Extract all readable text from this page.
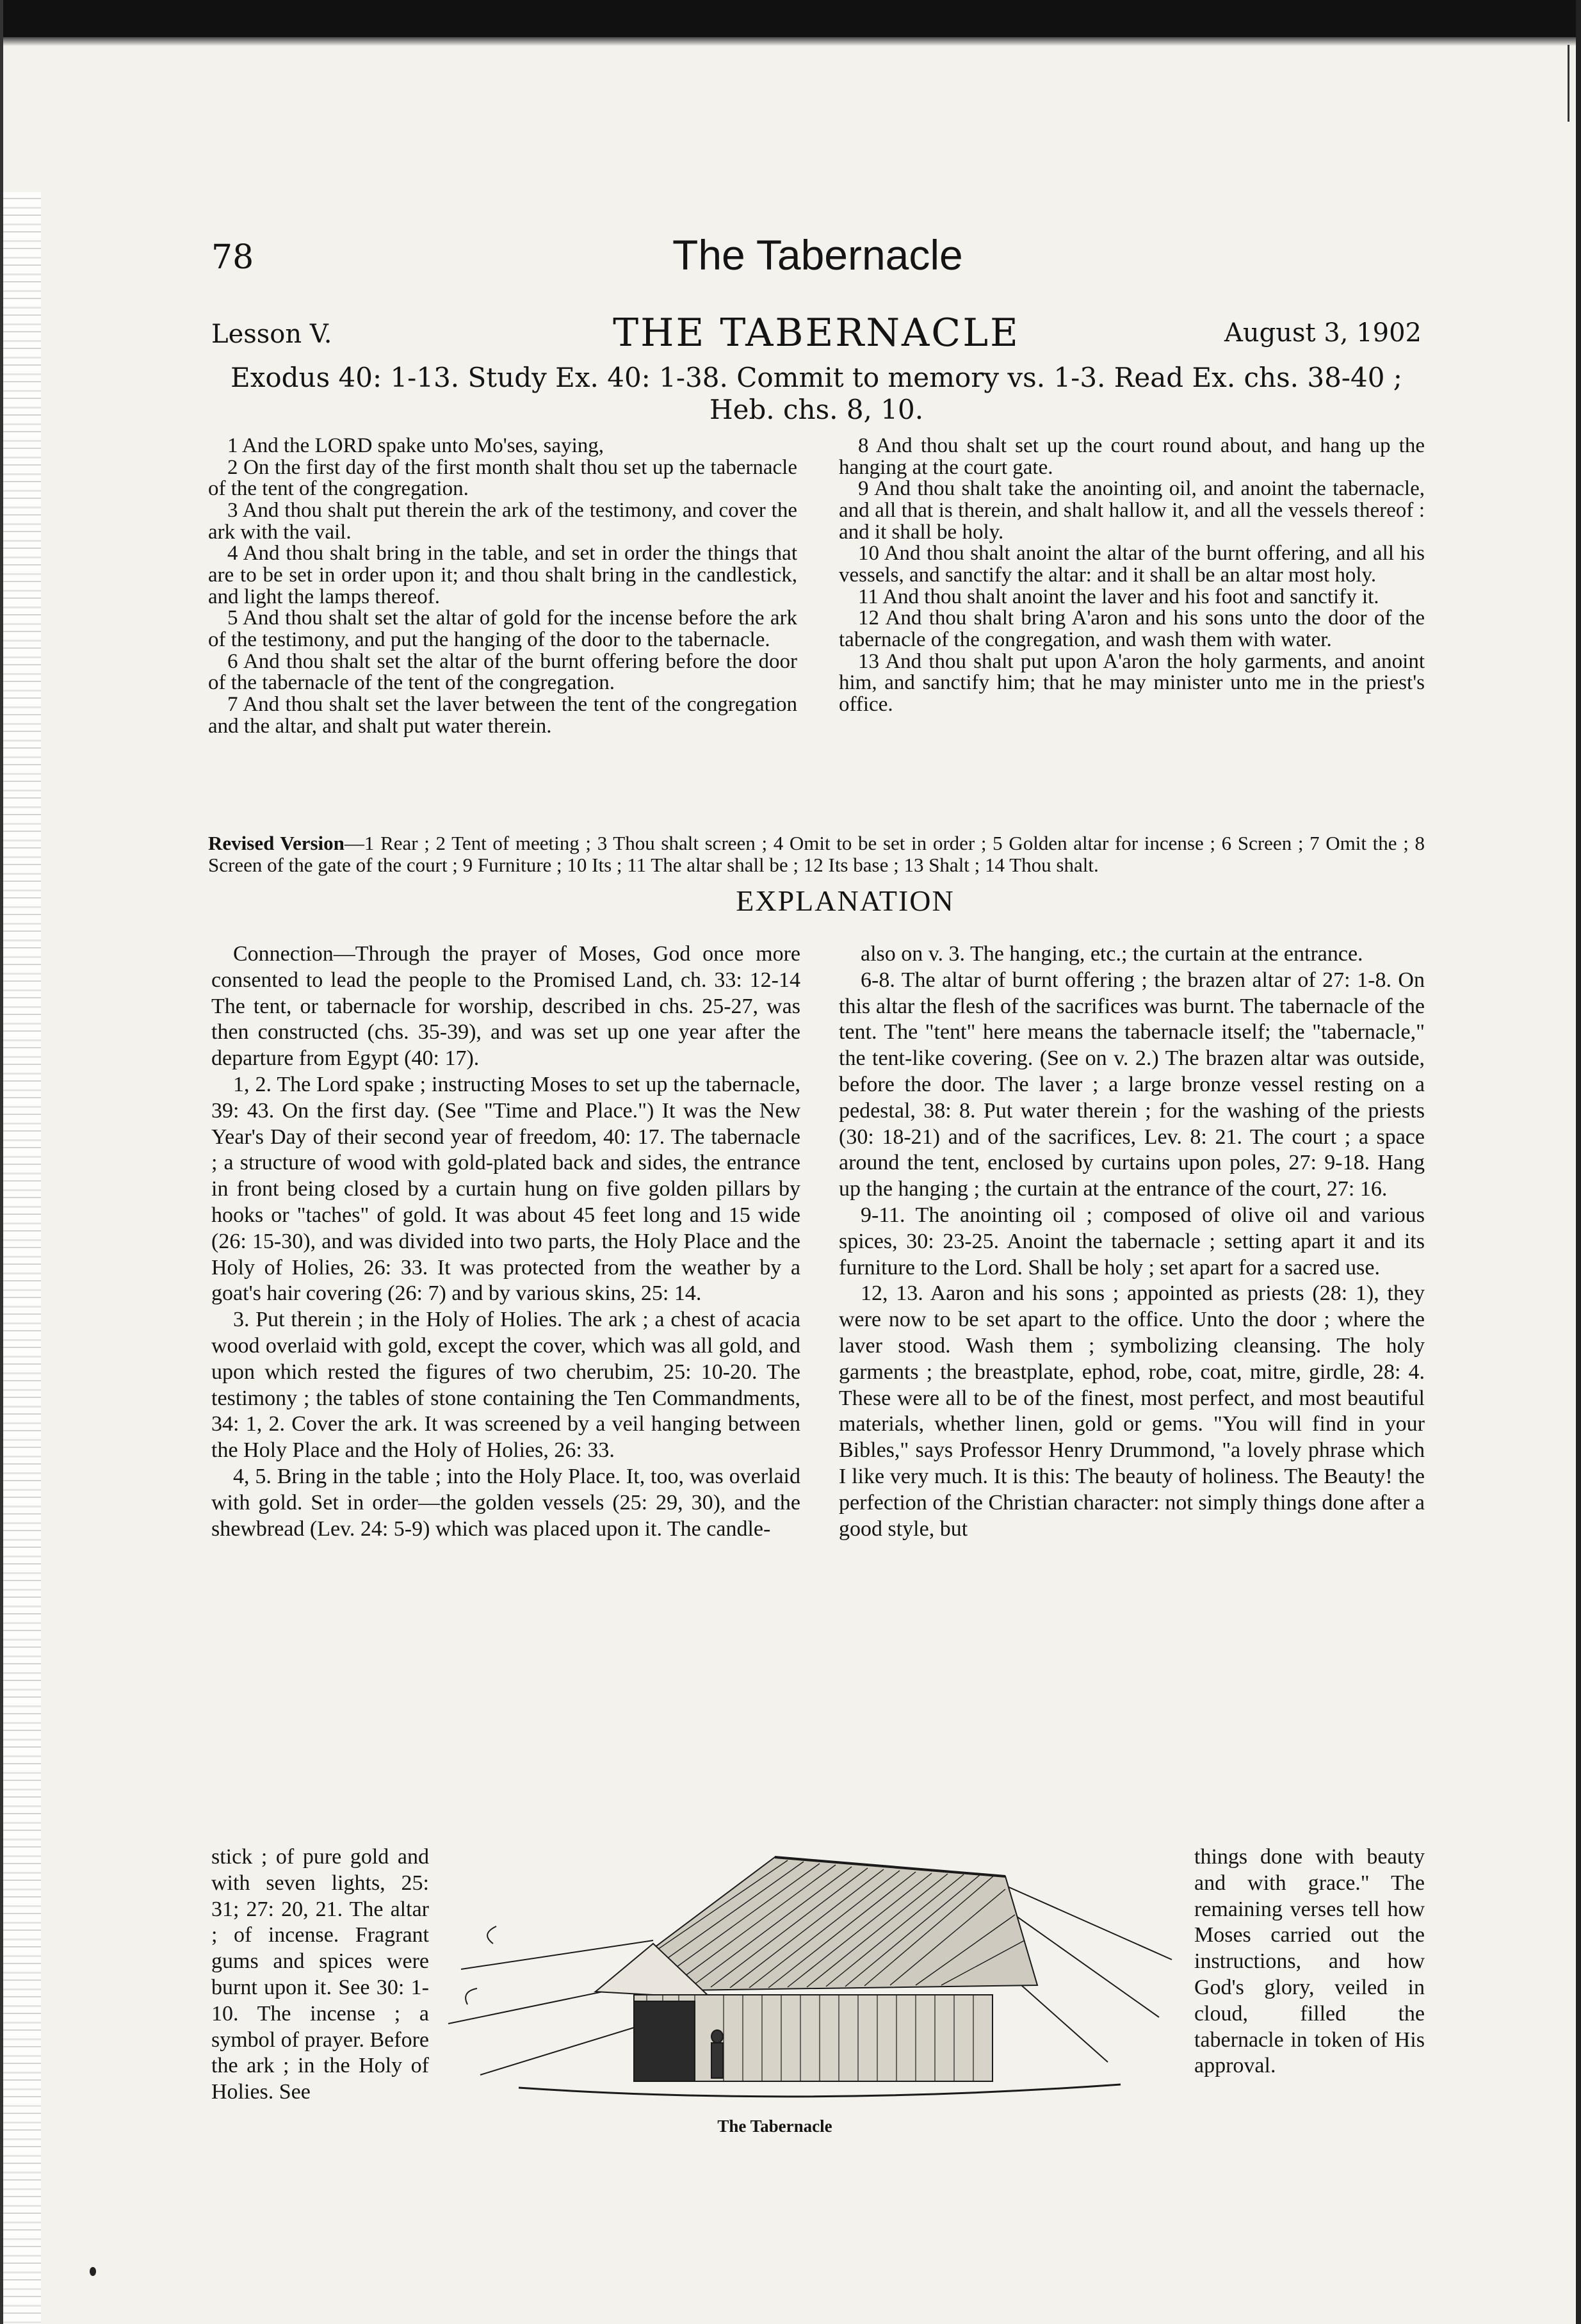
78	The Tabernacle
Lesson V.	THE TABERNACLE	August 3, 1902
Exodus 40: 1-13. Study Ex. 40: 1-38. Commit to memory vs. 1-3. Read Ex. chs. 38-40 ; Heb. chs. 8, 10.

1 And the LORD spake unto Mo'ses, saying,

2 On the first day of the first month shalt thou set up the tabernacle of the tent of the congregation.

3 And thou shalt put therein the ark of the testimony, and cover the ark with the vail.

4 And thou shalt bring in the table, and set in order the things that are to be set in order upon it; and thou shalt bring in the candlestick, and light the lamps thereof.

5 And thou shalt set the altar of gold for the incense before the ark of the testimony, and put the hanging of the door to the tabernacle.

6 And thou shalt set the altar of the burnt offering before the door of the tabernacle of the tent of the congregation.

7 And thou shalt set the laver between the tent of the congregation and the altar, and shalt put water therein.

8 And thou shalt set up the court round about, and hang up the hanging at the court gate.

9 And thou shalt take the anointing oil, and anoint the tabernacle, and all that is therein, and shalt hallow it, and all the vessels thereof : and it shall be holy.

10 And thou shalt anoint the altar of the burnt offering, and all his vessels, and sanctify the altar: and it shall be an altar most holy.

11 And thou shalt anoint the laver and his foot and sanctify it.

12 And thou shalt bring A'aron and his sons unto the door of the tabernacle of the congregation, and wash them with water.

13 And thou shalt put upon A'aron the holy garments, and anoint him, and sanctify him; that he may minister unto me in the priest's office.

Revised Version—1 Rear ; 2 Tent of meeting ; 3 Thou shalt screen ; 4 Omit to be set in order ; 5 Golden altar for incense ; 6 Screen ; 7 Omit the ; 8 Screen of the gate of the court ; 9 Furniture ; 10 Its ; 11 The altar shall be ; 12 Its base ; 13 Shalt ; 14 Thou shalt.
EXPLANATION

Connection—Through the prayer of Moses, God once more consented to lead the people to the Promised Land, ch. 33: 12-14 The tent, or tabernacle for worship, described in chs. 25-27, was then constructed (chs. 35-39), and was set up one year after the departure from Egypt (40: 17).

1, 2. The Lord spake ; instructing Moses to set up the tabernacle, 39: 43. On the first day. (See "Time and Place.") It was the New Year's Day of their second year of freedom, 40: 17. The tabernacle ; a structure of wood with gold-plated back and sides, the entrance in front being closed by a curtain hung on five golden pillars by hooks or "taches" of gold. It was about 45 feet long and 15 wide (26: 15-30), and was divided into two parts, the Holy Place and the Holy of Holies, 26: 33. It was protected from the weather by a goat's hair covering (26: 7) and by various skins, 25: 14.

3. Put therein ; in the Holy of Holies. The ark ; a chest of acacia wood overlaid with gold, except the cover, which was all gold, and upon which rested the figures of two cherubim, 25: 10-20. The testimony ; the tables of stone containing the Ten Commandments, 34: 1, 2. Cover the ark. It was screened by a veil hanging between the Holy Place and the Holy of Holies, 26: 33.

4, 5. Bring in the table ; into the Holy Place. It, too, was overlaid with gold. Set in order—the golden vessels (25: 29, 30), and the shewbread (Lev. 24: 5-9) which was placed upon it. The candle-

also on v. 3. The hanging, etc.; the curtain at the entrance.

6-8. The altar of burnt offering ; the brazen altar of 27: 1-8. On this altar the flesh of the sacrifices was burnt. The tabernacle of the tent. The "tent" here means the tabernacle itself; the "tabernacle," the tent-like covering. (See on v. 2.) The brazen altar was outside, before the door. The laver ; a large bronze vessel resting on a pedestal, 38: 8. Put water therein ; for the washing of the priests (30: 18-21) and of the sacrifices, Lev. 8: 21. The court ; a space around the tent, enclosed by curtains upon poles, 27: 9-18. Hang up the hanging ; the curtain at the entrance of the court, 27: 16.

9-11. The anointing oil ; composed of olive oil and various spices, 30: 23-25. Anoint the tabernacle ; setting apart it and its furniture to the Lord. Shall be holy ; set apart for a sacred use.

12, 13. Aaron and his sons ; appointed as priests (28: 1), they were now to be set apart to the office. Unto the door ; where the laver stood. Wash them ; symbolizing cleansing. The holy garments ; the breastplate, ephod, robe, coat, mitre, girdle, 28: 4. These were all to be of the finest, most perfect, and most beautiful materials, whether linen, gold or gems. "You will find in your Bibles," says Professor Henry Drummond, "a lovely phrase which I like very much. It is this: The beauty of holiness. The Beauty! the perfection of the Christian character: not simply things done after a good style, but

stick ; of pure gold and with seven lights, 25: 31; 27: 20, 21. The altar ; of incense. Fragrant gums and spices were burnt upon it. See 30: 1-10. The incense ; a symbol of prayer. Before the ark ; in the Holy of Holies. See
things done with beauty and with grace." The remaining verses tell how Moses carried out the instructions, and how God's glory, veiled in cloud, filled the tabernacle in token of His approval.
The Tabernacle
